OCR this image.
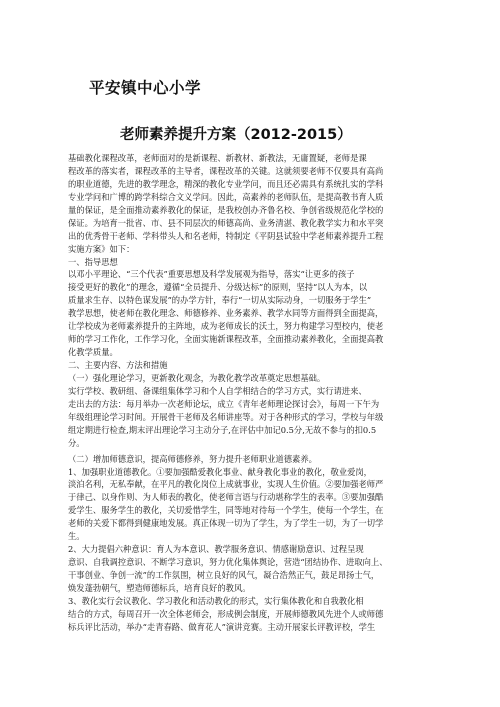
平安镇中心小学
老师素养提升方案（2012-2015）
基础教化课程改革，老师面对的是新课程、新教材、新教法，无庸置疑，老师是课
程改革的落实者，课程改革的主导者，课程改革的关键。这就须要老师不仅要具有高尚
的职业道德，先进的教学理念，精深的教化专业学问，而且还必需具有系统扎实的学科
专业学问和广博的跨学科综合文义学问。因此，高素养的老师队伍，是提高教书育人质
量的保证，是全面推动素养教化的保证，是我校创办齐鲁名校、争创省级规范化学校的
保证。为培育一批省、市、县不同层次的师德高尚、业务清湛、教化教学实力和水平突
出的优秀骨干老师、学科带头人和名老师，特制定《平阴县试验中学老师素养提升工程
实施方案》如下：
一、指导思想
以邓小平理论、“三个代表”重要思想及科学发展观为指导，落实“让更多的孩子
接受更好的教化”的理念，遵循“全员提升、分级达标”的原则，坚持“以人为本，以
质量求生存、以特色谋发展”的办学方针，奉行“一切从实际动身，一切服务于学生”
教学思想，使老师在教化理念、师德修养、业务素养、教学水同等方面得到全面提高，
让学校成为老师素养提升的主阵地，成为老师成长的沃土，努力构建学习型校内，使老
师的学习工作化，工作学习化，全面实施新课程改革，全面推动素养教化，全面提高教
化教学质量。
二、主要内容、方法和措施
（一）强化理论学习，更新教化观念，为教化教学改革奠定思想基础。
实行学校、教研组、备课组集体学习和个人自学相结合的学习方式，实行请进来、
走出去的方法：每月举办一次老师论坛，成立《青年老师理论探讨会》，每周一下午为
年级组理论学习时间。开展骨干老师及名师讲座等。对于各种形式的学习，学校与年级
组定期进行检查,期末评出理论学习主动分子,在评估中加记0.5分,无故不参与的扣0.5
分。
（二）增加师德意识，提高师德修养，努力提升老师职业道德素养。
1、加强职业道德教化。①要加强酷爱教化事业、献身教化事业的教化，敬业爱岗，
淡泊名利，无私奉献，在平凡的教化岗位上成就事业，实现人生价值。②要加强老师严
于律己、以身作则、为人师表的教化，使老师言语与行动堪称学生的表率。③要加强酷
爱学生、服务学生的教化，关切爱惜学生，同等地对待每一个学生，使每一个学生，在
老师的关爱下都得到健康地发展。真正体现一切为了学生，为了学生一切，为了一切学
生。
2、大力提倡六种意识：育人为本意识、教学服务意识、情感谢励意识、过程呈现
意识、自我调控意识、不断学习意识，努力优化集体舆论，营造“团结协作、进取向上、
干事创业、争创一流”的工作氛围，树立良好的风气，凝合浩然正气，鼓足昂扬士气，
焕发蓬勃朝气，塑造师德标兵，培育良好的教风。
3、教化实行会议教化、学习教化和活动教化的形式，实行集体教化和自我教化相
结合的方式，每周召开一次全体老师会，形成例会制度，开展师德教风先进个人或师德
标兵评比活动，举办“走青春路、做育花人”演讲竞赛。主动开展家长评教评校，学生
